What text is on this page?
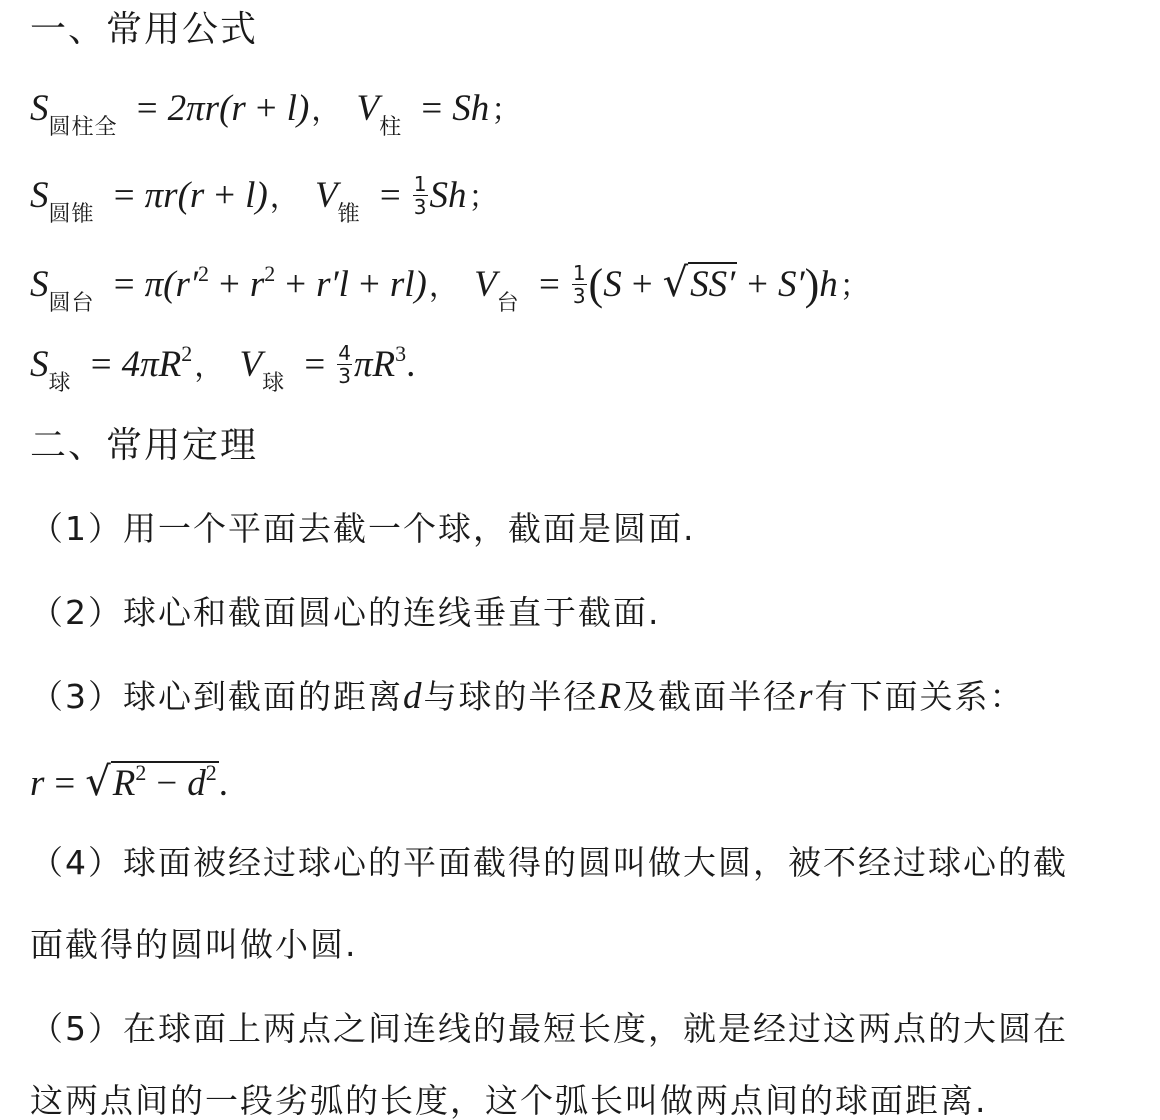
一、常用公式
$S_{圆柱全} = 2\pi r(r + l)$， $V_柱 = Sh$；
$S_{圆锥} = \pi r(r + l)$， $V_锥 = \frac{1}{3}$ Sh；
$S_{圆台} = \pi(r'^2 + r^2 + r'l + rl)$， $V_台 = \frac{1}{3} (S + √SS' + S')h$；
$S_球 = 4\pi R^2$， $V_球 = \frac{4}{3} \pi R^3$.
二、常用定理
（1）用一个平面去截一个球，截面是圆面.
（2）球心和截面圆心的连线垂直于截面.
（3）球心到截面的距离d与球的半径R及截面半径r有下面关系：
$r = √R^2 - d^2$.
（4）球面被经过球心的平面截得的圆叫做大圆，被不经过球心的截
面截得的圆叫做小圆.
（5）在球面上两点之间连线的最短长度，就是经过这两点的大圆在
这两点间的一段劣弧的长度，这个弧长叫做两点间的球面距离.
